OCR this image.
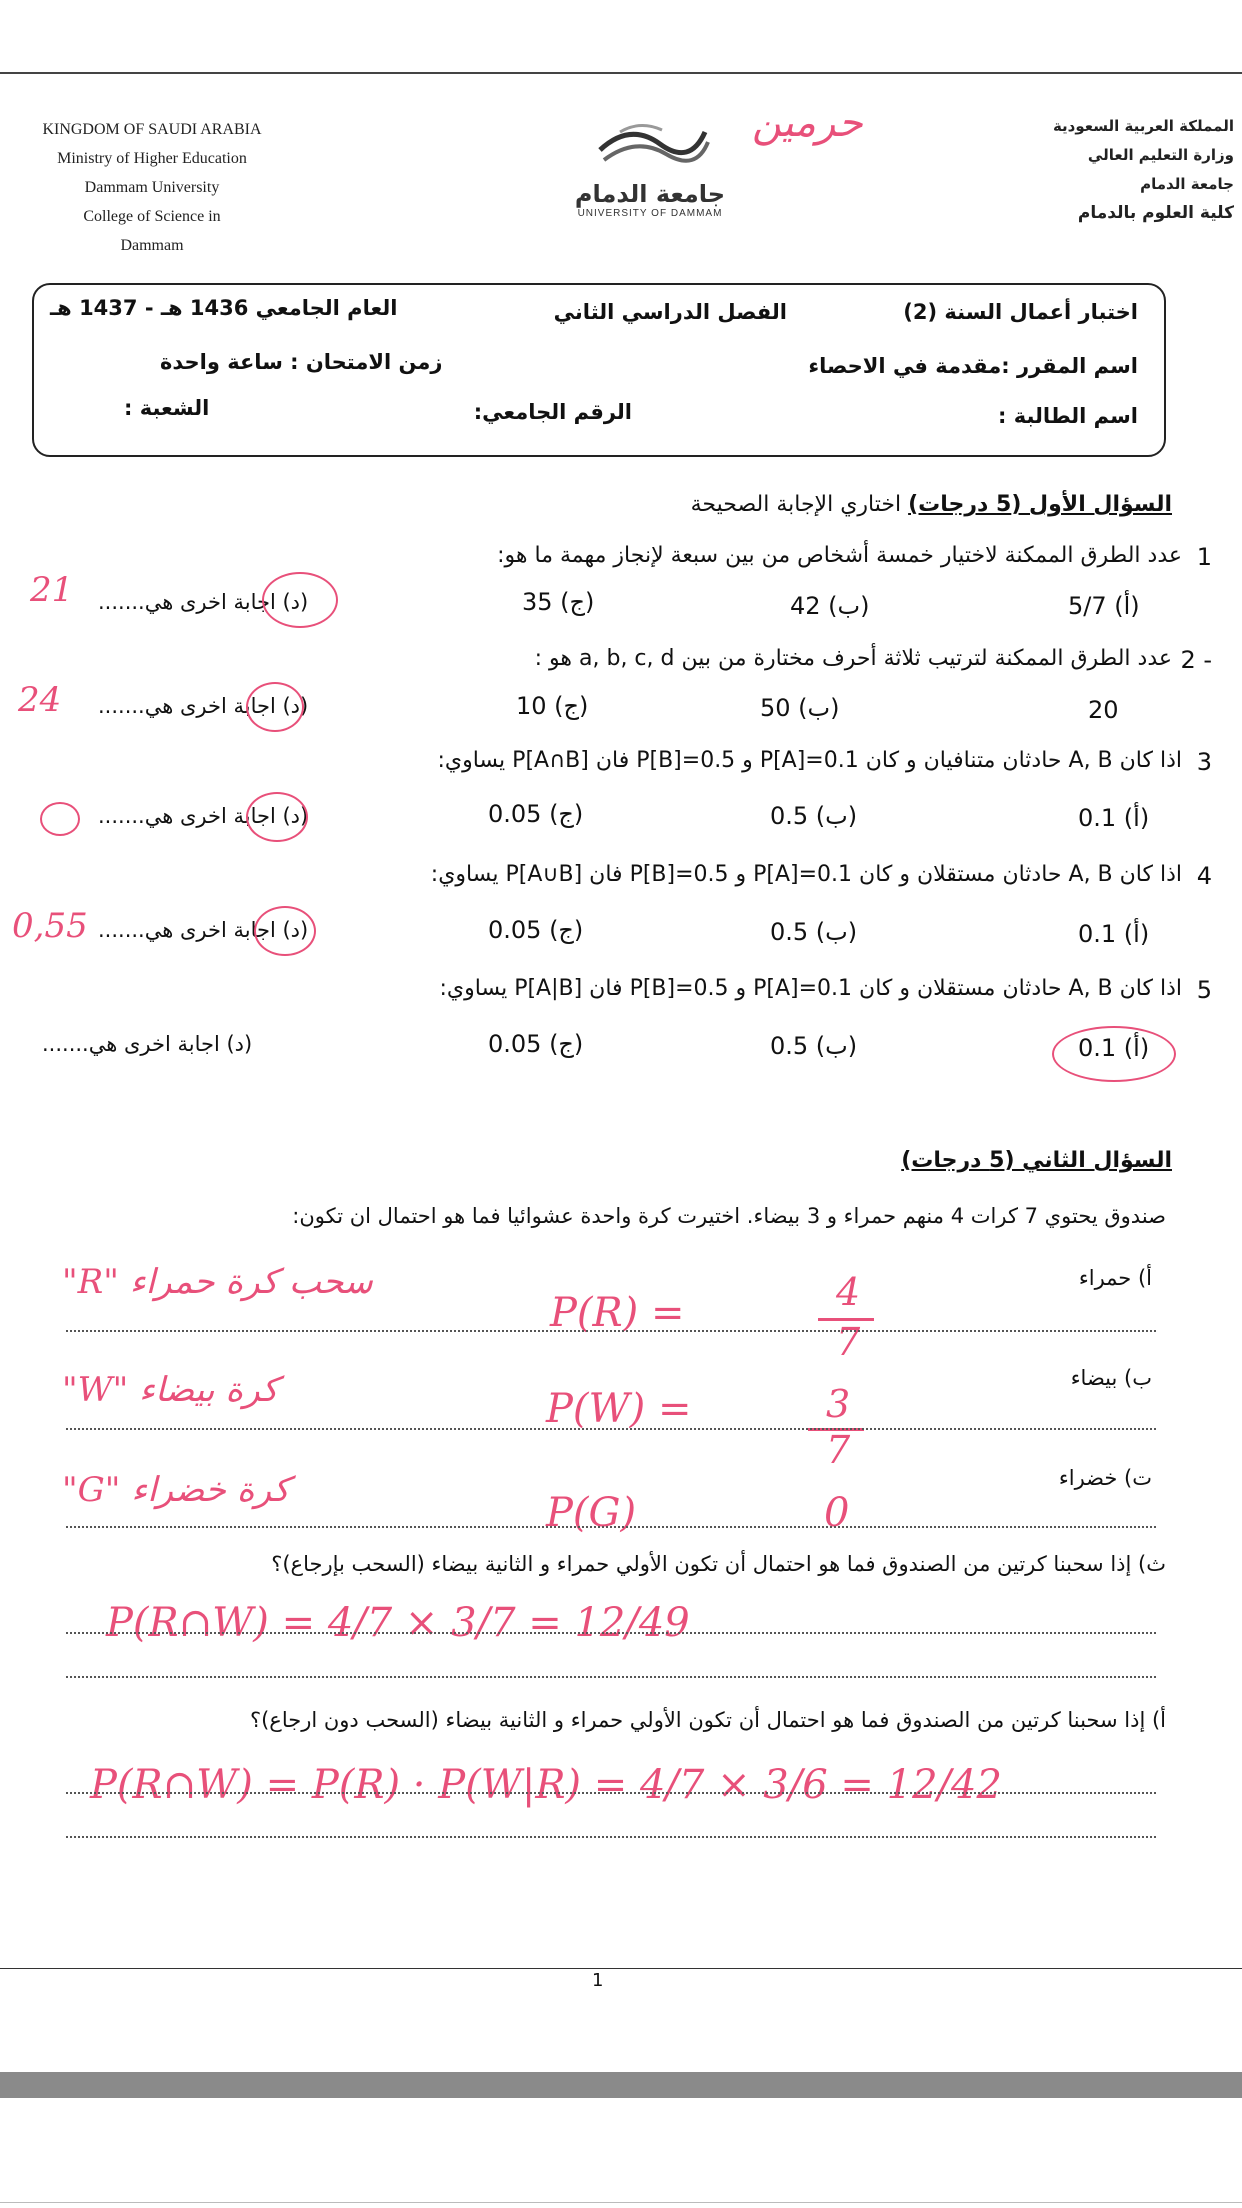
KINGDOM OF SAUDI ARABIA
Ministry of Higher Education
Dammam University
College of Science in
Dammam
جامعة الدمام
UNIVERSITY OF DAMMAM
حرمين	المملكة العربية السعودية
وزارة التعليم العالي
جامعة الدمام
كلية العلوم بالدمام
اختبار أعمال السنة (2)
الفصل الدراسي الثاني
العام الجامعي 1436 هـ - 1437 هـ
اسم المقرر :مقدمة في الاحصاء
زمن الامتحان : ساعة واحدة
اسم الطالبة :
الرقم الجامعي:
الشعبة :
السؤال الأول (5 درجات) اختاري الإجابة الصحيحة
1
عدد الطرق الممكنة لاختيار خمسة أشخاص من بين سبعة لإنجاز مهمة ما هو:
(أ) 5/7
(ب) 42
(ج) 35
(د) اجابة اخرى هي.......
21
2 -
عدد الطرق الممكنة لترتيب ثلاثة أحرف مختارة من بين a, b, c, d هو :
20
(ب) 50
(ج) 10
(د) اجابة اخرى هي.......
24
3
اذا كان A, B حادثان متنافيان و كان P[A]=0.1 و P[B]=0.5 فان P[A∩B] يساوي:
(أ) 0.1
(ب) 0.5
(ج) 0.05
(د) اجابة اخرى هي.......
4
اذا كان A, B حادثان مستقلان و كان P[A]=0.1 و P[B]=0.5 فان P[A∪B] يساوي:
(أ) 0.1
(ب) 0.5
(ج) 0.05
(د) اجابة اخرى هي.......
0,55
5
اذا كان A, B حادثان مستقلان و كان P[A]=0.1 و P[B]=0.5 فان P[A|B] يساوي:
(أ) 0.1
(ب) 0.5
(ج) 0.05
(د) اجابة اخرى هي.......
السؤال الثاني (5 درجات)
صندوق يحتوي 7 كرات 4 منهم حمراء و 3 بيضاء. اختيرت كرة واحدة عشوائيا فما هو احتمال ان تكون:
أ) حمراء
"R" سحب كرة حمراء
P(R) =	4
7
ب) بيضاء
"W" كرة بيضاء	P(W) =	3
7
ت) خضراء
"G" كرة خضراء	P(G)	0
ث) إذا سحبنا كرتين من الصندوق فما هو احتمال أن تكون الأولي حمراء و الثانية بيضاء (السحب بإرجاع)؟
P(R∩W) = 4/7 × 3/7 = 12/49
أ) إذا سحبنا كرتين من الصندوق فما هو احتمال أن تكون الأولي حمراء و الثانية بيضاء (السحب دون ارجاع)؟
P(R∩W) = P(R) · P(W|R) = 4/7 × 3/6 = 12/42
1
